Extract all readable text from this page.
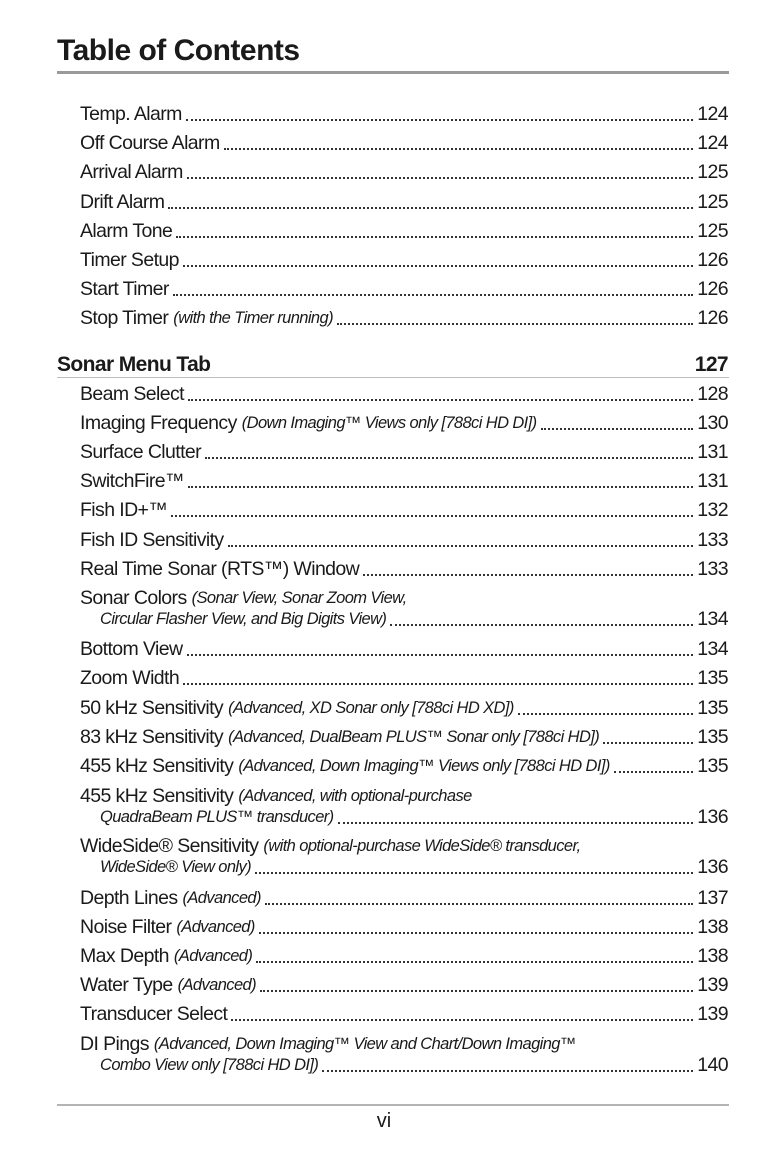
Table of Contents
Temp. Alarm	124
Off Course Alarm	124
Arrival Alarm	125
Drift Alarm	125
Alarm Tone	125
Timer Setup	126
Start Timer	126
Stop Timer (with the Timer running)	126
Sonar Menu Tab	127
Beam Select	128
Imaging Frequency (Down Imaging™ Views only [788ci HD DI])	130
Surface Clutter	131
SwitchFire™	131
Fish ID+™	132
Fish ID Sensitivity	133
Real Time Sonar (RTS™) Window	133
Sonar Colors (Sonar View, Sonar Zoom View,
Circular Flasher View, and Big Digits View)	134
Bottom View	134
Zoom Width	135
50 kHz Sensitivity (Advanced, XD Sonar only [788ci HD XD])	135
83 kHz Sensitivity (Advanced, DualBeam PLUS™ Sonar only [788ci HD])	135
455 kHz Sensitivity (Advanced, Down Imaging™ Views only [788ci HD DI])	135
455 kHz Sensitivity (Advanced, with optional-purchase
QuadraBeam PLUS™ transducer)	136
WideSide® Sensitivity (with optional-purchase WideSide® transducer,
WideSide® View only)	136
Depth Lines (Advanced)	137
Noise Filter (Advanced)	138
Max Depth (Advanced)	138
Water Type (Advanced)	139
Transducer Select	139
DI Pings (Advanced, Down Imaging™ View and Chart/Down Imaging™
Combo View only [788ci HD DI])	140
vi
